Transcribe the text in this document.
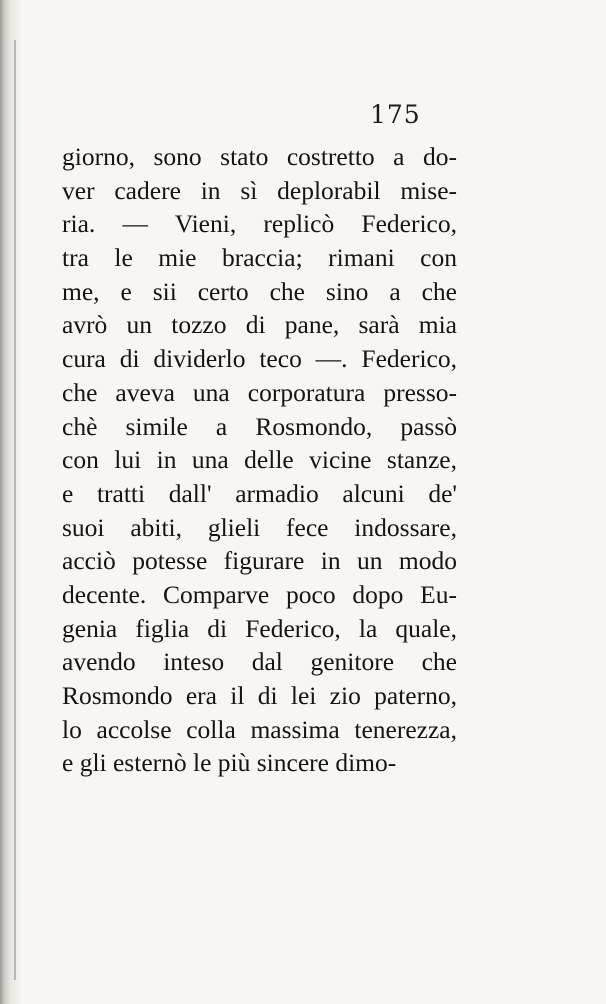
175
giorno, sono stato costretto a do-
ver cadere in sì deplorabil mise-
ria. — Vieni, replicò Federico,
tra le mie braccia; rimani con
me, e sii certo che sino a che
avrò un tozzo di pane, sarà mia
cura di dividerlo teco —. Federico,
che aveva una corporatura presso-
chè simile a Rosmondo, passò
con lui in una delle vicine stanze,
e tratti dall' armadio alcuni de'
suoi abiti, glieli fece indossare,
acciò potesse figurare in un modo
decente. Comparve poco dopo Eu-
genia figlia di Federico, la quale,
avendo inteso dal genitore che
Rosmondo era il di lei zio paterno,
lo accolse colla massima tenerezza,
e gli esternò le più sincere dimo-
